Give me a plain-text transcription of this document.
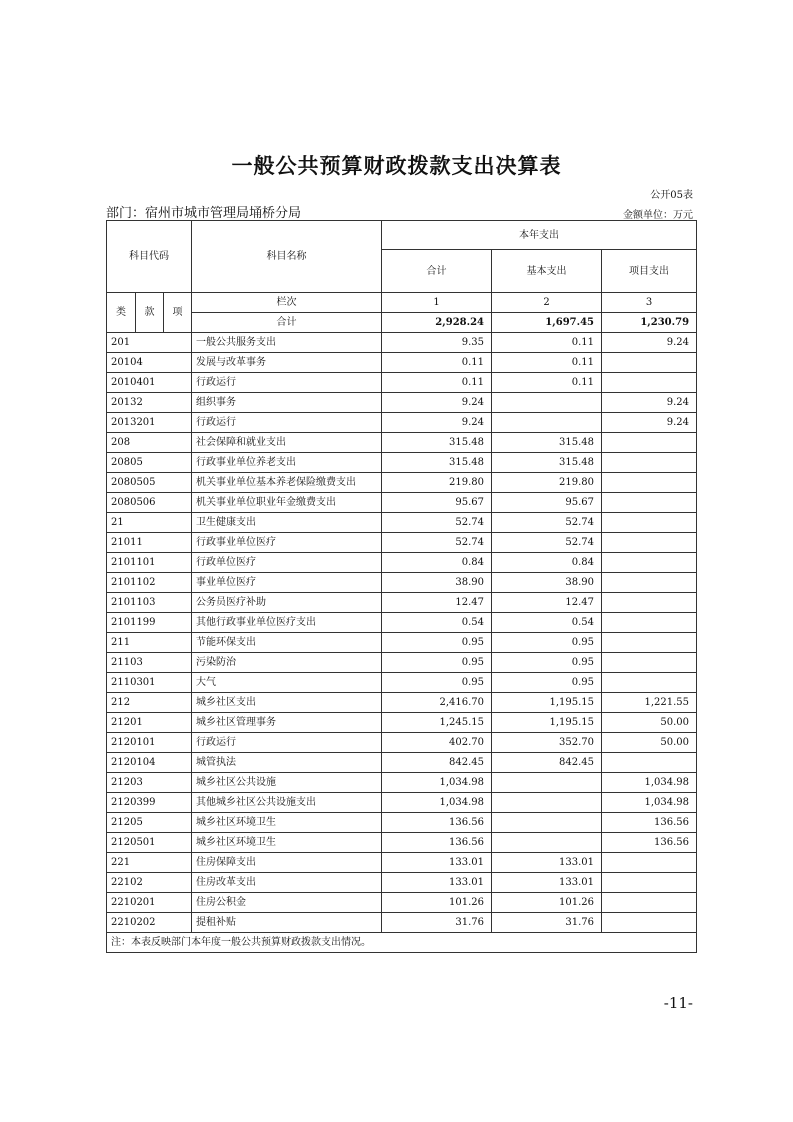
一般公共预算财政拨款支出决算表
公开05表
部门：宿州市城市管理局埇桥分局	金额单位：万元
科目代码			科目名称	本年支出		
				合计	基本支出	项目支出
类	款	项	栏次	1	2	3
			合计	2,928.24	1,697.45	1,230.79
201			一般公共服务支出	9.35	0.11	9.24
20104			发展与改革事务	0.11	0.11	
2010401			行政运行	0.11	0.11	
20132			组织事务	9.24		9.24
2013201			行政运行	9.24		9.24
208			社会保障和就业支出	315.48	315.48	
20805			行政事业单位养老支出	315.48	315.48	
2080505			机关事业单位基本养老保险缴费支出	219.80	219.80	
2080506			机关事业单位职业年金缴费支出	95.67	95.67	
21			卫生健康支出	52.74	52.74	
21011			行政事业单位医疗	52.74	52.74	
2101101			行政单位医疗	0.84	0.84	
2101102			事业单位医疗	38.90	38.90	
2101103			公务员医疗补助	12.47	12.47	
2101199			其他行政事业单位医疗支出	0.54	0.54	
211			节能环保支出	0.95	0.95	
21103			污染防治	0.95	0.95	
2110301			大气	0.95	0.95	
212			城乡社区支出	2,416.70	1,195.15	1,221.55
21201			城乡社区管理事务	1,245.15	1,195.15	50.00
2120101			行政运行	402.70	352.70	50.00
2120104			城管执法	842.45	842.45	
21203			城乡社区公共设施	1,034.98		1,034.98
2120399			其他城乡社区公共设施支出	1,034.98		1,034.98
21205			城乡社区环境卫生	136.56		136.56
2120501			城乡社区环境卫生	136.56		136.56
221			住房保障支出	133.01	133.01	
22102			住房改革支出	133.01	133.01	
2210201			住房公积金	101.26	101.26	
2210202			提租补贴	31.76	31.76	
注：本表反映部门本年度一般公共预算财政拨款支出情况。						
-11-
